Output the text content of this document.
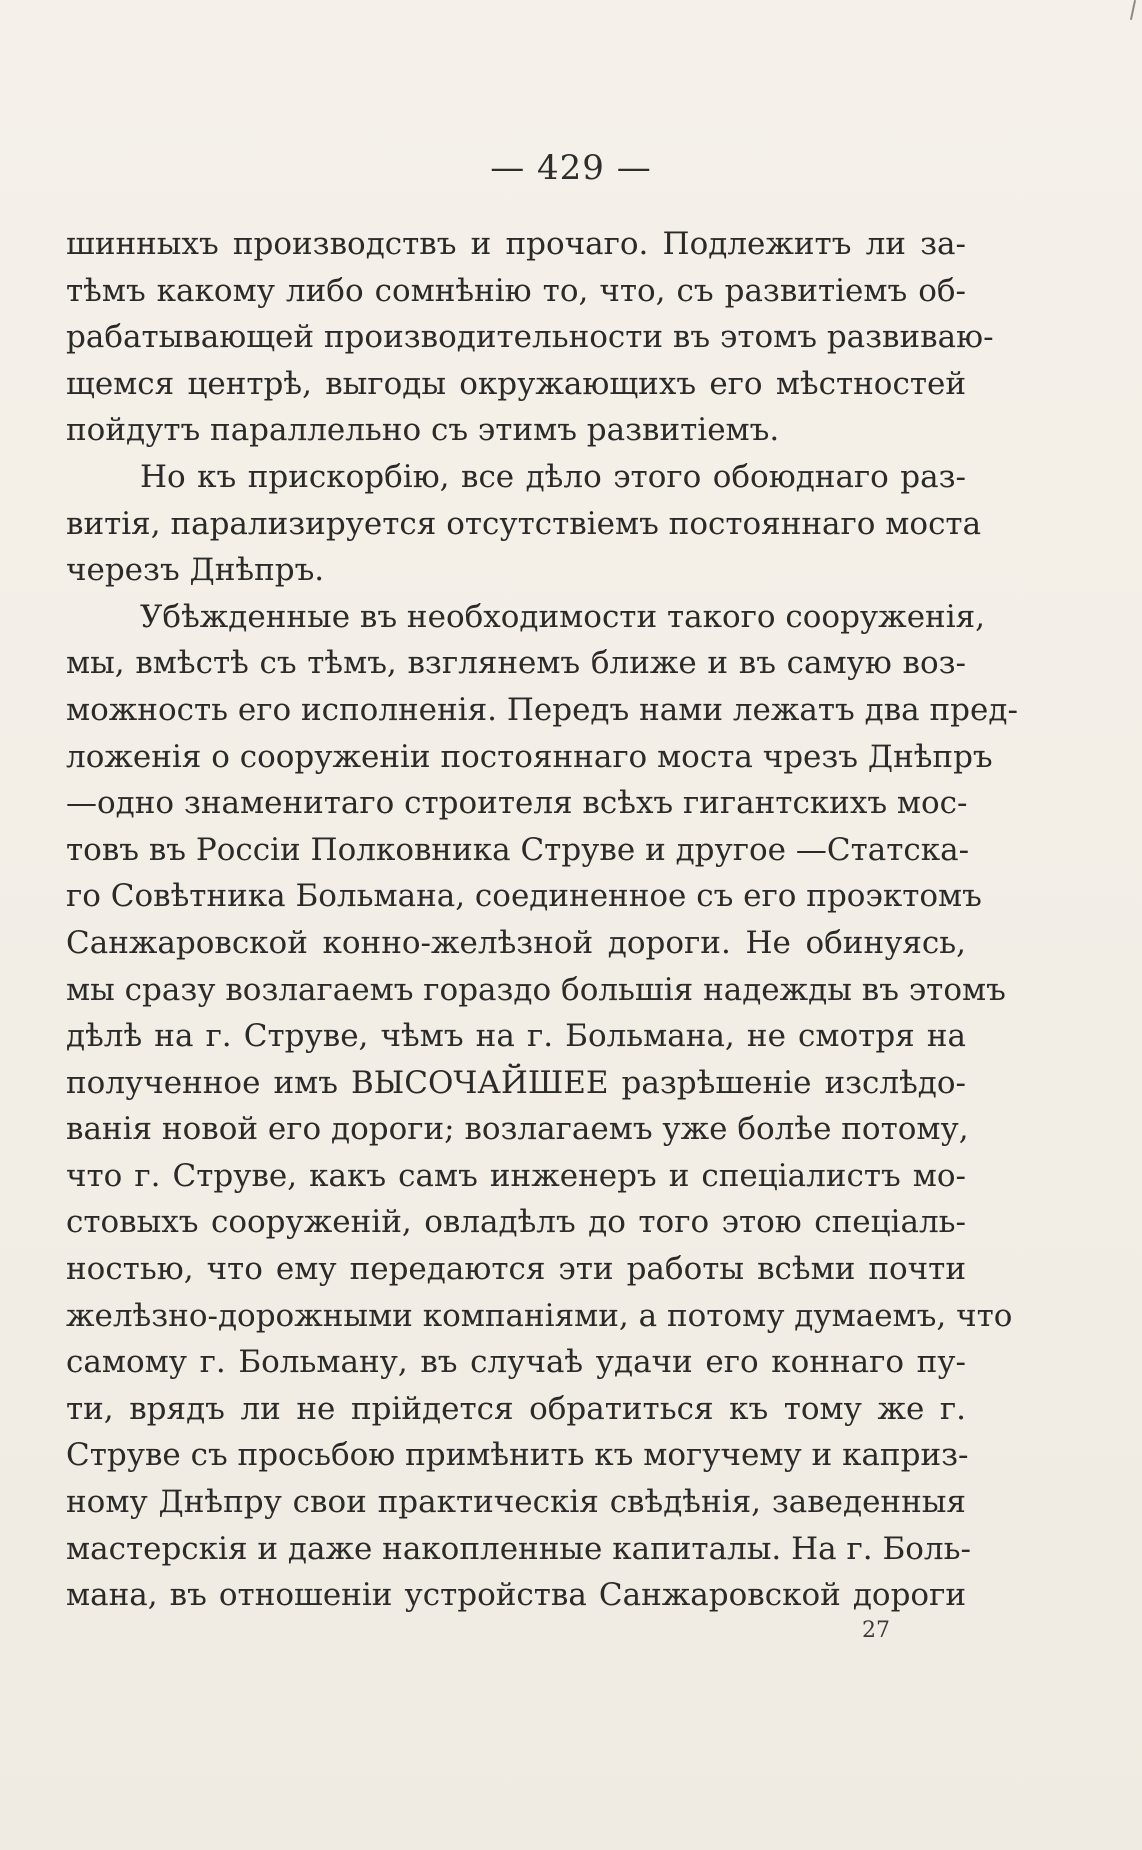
— 429 —
шинныхъ производствъ и прочаго. Подлежитъ ли за-
тѣмъ какому либо сомнѣнію то, что, съ развитіемъ об-
рабатывающей производительности въ этомъ развиваю-
щемся центрѣ, выгоды окружающихъ его мѣстностей
пойдутъ параллельно съ этимъ развитіемъ.
Но къ прискорбію, все дѣло этого обоюднаго раз-
витія, парализируется отсутствіемъ постояннаго моста
черезъ Днѣпръ.
Убѣжденные въ необходимости такого сооруженія,
мы, вмѣстѣ съ тѣмъ, взглянемъ ближе и въ самую воз-
можность его исполненія. Передъ нами лежатъ два пред-
ложенія о сооруженіи постояннаго моста чрезъ Днѣпръ
—одно знаменитаго строителя всѣхъ гигантскихъ мос-
товъ въ Россіи Полковника Струве и другое —Статска-
го Совѣтника Больмана, соединенное съ его проэктомъ
Санжаровской конно-желѣзной дороги. Не обинуясь,
мы сразу возлагаемъ гораздо большія надежды въ этомъ
дѣлѣ на г. Струве, чѣмъ на г. Больмана, не смотря на
полученное имъ ВЫСОЧАЙШЕЕ разрѣшеніе изслѣдо-
ванія новой его дороги; возлагаемъ уже болѣе потому,
что г. Струве, какъ самъ инженеръ и спеціалистъ мо-
стовыхъ сооруженій, овладѣлъ до того этою спеціаль-
ностью, что ему передаются эти работы всѣми почти
желѣзно-дорожными компаніями, а потому думаемъ, что
самому г. Больману, въ случаѣ удачи его коннаго пу-
ти, врядъ ли не прійдется обратиться къ тому же г.
Струве съ просьбою примѣнить къ могучему и каприз-
ному Днѣпру свои практическія свѣдѣнія, заведенныя
мастерскія и даже накопленные капиталы. На г. Боль-
мана, въ отношеніи устройства Санжаровской дороги
27
